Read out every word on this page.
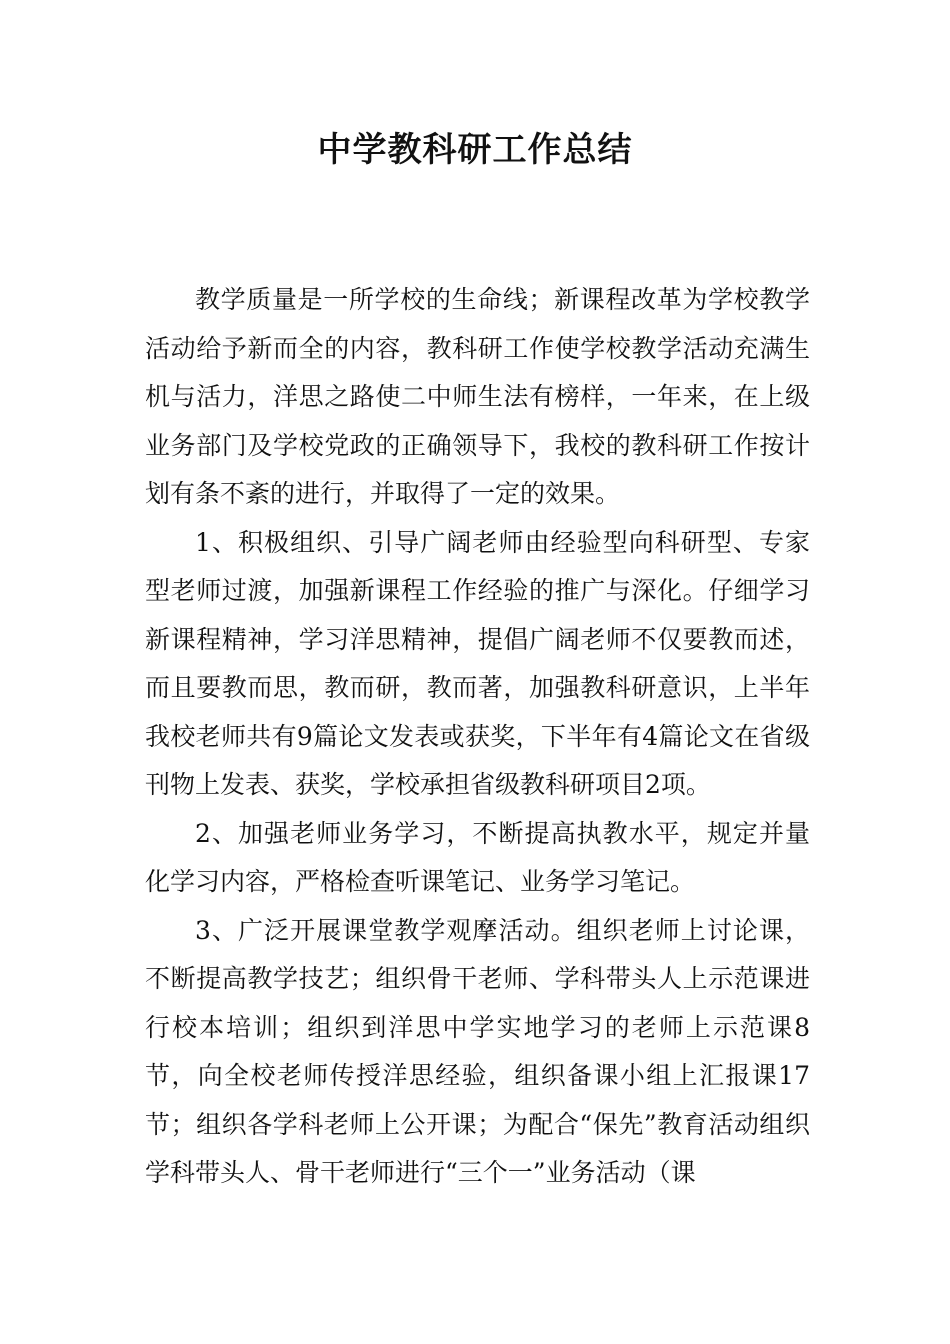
中学教科研工作总结

教学质量是一所学校的生命线；新课程改革为学校教学活动给予新而全的内容，教科研工作使学校教学活动充满生机与活力，洋思之路使二中师生法有榜样，一年来，在上级业务部门及学校党政的正确领导下，我校的教科研工作按计划有条不紊的进行，并取得了一定的效果。

1、积极组织、引导广阔老师由经验型向科研型、专家型老师过渡，加强新课程工作经验的推广与深化。仔细学习新课程精神，学习洋思精神，提倡广阔老师不仅要教而述，而且要教而思，教而研，教而著，加强教科研意识，上半年我校老师共有9篇论文发表或获奖，下半年有4篇论文在省级刊物上发表、获奖，学校承担省级教科研项目2项。

2、加强老师业务学习，不断提高执教水平，规定并量化学习内容，严格检查听课笔记、业务学习笔记。

3、广泛开展课堂教学观摩活动。组织老师上讨论课，不断提高教学技艺；组织骨干老师、学科带头人上示范课进行校本培训；组织到洋思中学实地学习的老师上示范课8节，向全校老师传授洋思经验，组织备课小组上汇报课17节；组织各学科老师上公开课；为配合“保先”教育活动组织学科带头人、骨干老师进行“三个一”业务活动（课
